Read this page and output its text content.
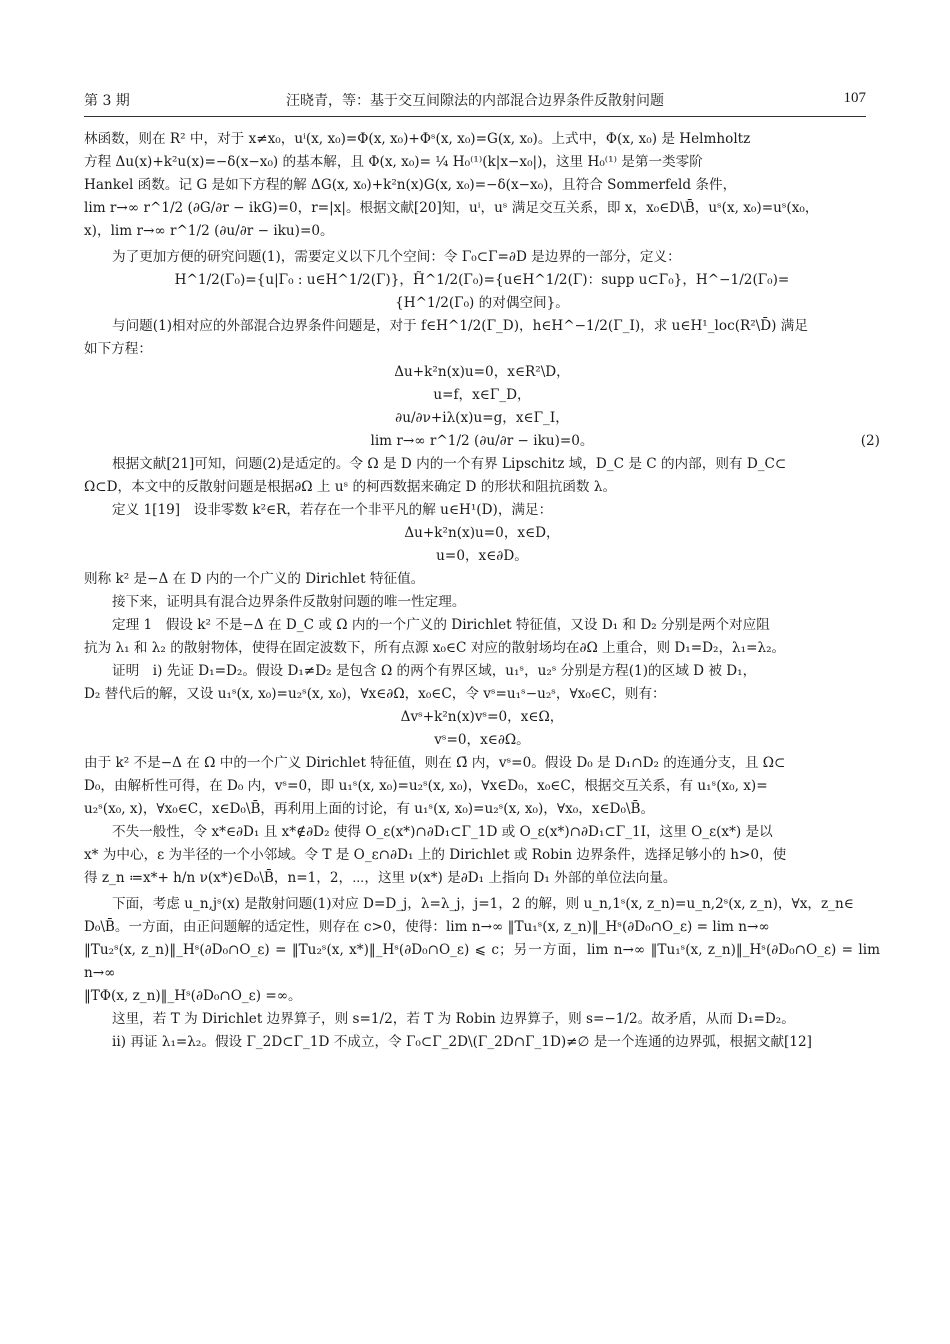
第 3 期	汪晓青，等：基于交互间隙法的内部混合边界条件反散射问题	107

林函数，则在 R² 中，对于 x≠x₀，uⁱ(x, x₀)=Φ(x, x₀)+Φˢ(x, x₀)=G(x, x₀)。上式中，Φ(x, x₀) 是 Helmholtz

方程 Δu(x)+k²u(x)=−δ(x−x₀) 的基本解，且 Φ(x, x₀)= ¼ H₀⁽¹⁾(k|x−x₀|)，这里 H₀⁽¹⁾ 是第一类零阶

Hankel 函数。记 G 是如下方程的解 ΔG(x, x₀)+k²n(x)G(x, x₀)=−δ(x−x₀)，且符合 Sommerfeld 条件，

lim r→∞ r^1/2 (∂G/∂r − ikG)=0，r=|x|。根据文献[20]知，uⁱ，uˢ 满足交互关系，即 x，x₀∈D\B̄，uˢ(x, x₀)=uˢ(x₀，

x)，lim r→∞ r^1/2 (∂u/∂r − iku)=0。

为了更加方便的研究问题(1)，需要定义以下几个空间：令 Γ₀⊂Γ=∂D 是边界的一部分，定义：

H^1/2(Γ₀)={u|Γ₀ : u∈H^1/2(Γ)}，H̃^1/2(Γ₀)={u∈H^1/2(Γ)：supp u⊂Γ̄₀}，H^−1/2(Γ₀)=

{H^1/2(Γ₀) 的对偶空间}。

与问题(1)相对应的外部混合边界条件问题是，对于 f∈H^1/2(Γ_D)，h∈H^−1/2(Γ_I)，求 u∈H¹_loc(R²\D̄) 满足

如下方程：

Δu+k²n(x)u=0，x∈R²\D，

u=f，x∈Γ_D，

∂u/∂ν+iλ(x)u=g，x∈Γ_I，

lim r→∞ r^1/2 (∂u/∂r − iku)=0。	(2)

根据文献[21]可知，问题(2)是适定的。令 Ω 是 D 内的一个有界 Lipschitz 域，D_C 是 C 的内部，则有 D_C⊂

Ω⊂D，本文中的反散射问题是根据∂Ω 上 uˢ 的柯西数据来确定 D 的形状和阻抗函数 λ。

定义 1[19]　设非零数 k²∈R，若存在一个非平凡的解 u∈H¹(D)，满足：

Δu+k²n(x)u=0，x∈D，

u=0，x∈∂D。

则称 k² 是−Δ 在 D 内的一个广义的 Dirichlet 特征值。

接下来，证明具有混合边界条件反散射问题的唯一性定理。

定理 1　假设 k² 不是−Δ 在 D_C 或 Ω 内的一个广义的 Dirichlet 特征值，又设 D₁ 和 D₂ 分别是两个对应阻

抗为 λ₁ 和 λ₂ 的散射物体，使得在固定波数下，所有点源 x₀∈C 对应的散射场均在∂Ω 上重合，则 D₁=D₂，λ₁=λ₂。

证明　i) 先证 D₁=D₂。假设 D₁≠D₂ 是包含 Ω 的两个有界区域，u₁ˢ，u₂ˢ 分别是方程(1)的区域 D 被 D₁，

D₂ 替代后的解，又设 u₁ˢ(x, x₀)=u₂ˢ(x, x₀)，∀x∈∂Ω，x₀∈C，令 vˢ=u₁ˢ−u₂ˢ，∀x₀∈C，则有：

Δvˢ+k²n(x)vˢ=0，x∈Ω，

vˢ=0，x∈∂Ω。

由于 k² 不是−Δ 在 Ω 中的一个广义 Dirichlet 特征值，则在 Ω̄ 内，vˢ=0。假设 D₀ 是 D₁∩D₂ 的连通分支，且 Ω⊂

D₀，由解析性可得，在 D₀ 内，vˢ=0，即 u₁ˢ(x, x₀)=u₂ˢ(x, x₀)，∀x∈D₀，x₀∈C，根据交互关系，有 u₁ˢ(x₀, x)=

u₂ˢ(x₀, x)，∀x₀∈C，x∈D₀\B̄，再利用上面的讨论，有 u₁ˢ(x, x₀)=u₂ˢ(x, x₀)，∀x₀，x∈D₀\B̄。

不失一般性，令 x*∈∂D₁ 且 x*∉∂D₂ 使得 O_ε(x*)∩∂D₁⊂Γ_1D 或 O_ε(x*)∩∂D₁⊂Γ_1I，这里 O_ε(x*) 是以

x* 为中心，ε 为半径的一个小邻域。令 T 是 O_ε∩∂D₁ 上的 Dirichlet 或 Robin 边界条件，选择足够小的 h>0，使

得 z_n ≔x*+ h/n ν(x*)∈D₀\B̄，n=1，2，⋯，这里 ν(x*) 是∂D₁ 上指向 D₁ 外部的单位法向量。

下面，考虑 u_n,jˢ(x) 是散射问题(1)对应 D=D_j，λ=λ_j，j=1，2 的解，则 u_n,1ˢ(x, z_n)=u_n,2ˢ(x, z_n)，∀x，z_n∈

D₀\B̄。一方面，由正问题解的适定性，则存在 c>0，使得：lim n→∞ ‖Tu₁ˢ(x, z_n)‖_Hˢ(∂D₀∩O_ε) = lim n→∞

‖Tu₂ˢ(x, z_n)‖_Hˢ(∂D₀∩O_ε) = ‖Tu₂ˢ(x, x*)‖_Hˢ(∂D₀∩O_ε) ⩽ c；另一方面，lim n→∞ ‖Tu₁ˢ(x, z_n)‖_Hˢ(∂D₀∩O_ε) = lim n→∞

‖TΦ(x, z_n)‖_Hˢ(∂D₀∩O_ε) =∞。

这里，若 T 为 Dirichlet 边界算子，则 s=1/2，若 T 为 Robin 边界算子，则 s=−1/2。故矛盾，从而 D₁=D₂。

ii) 再证 λ₁=λ₂。假设 Γ_2D⊂Γ_1D 不成立，令 Γ₀⊂Γ_2D\(Γ_2D∩Γ_1D)≠∅ 是一个连通的边界弧，根据文献[12]
